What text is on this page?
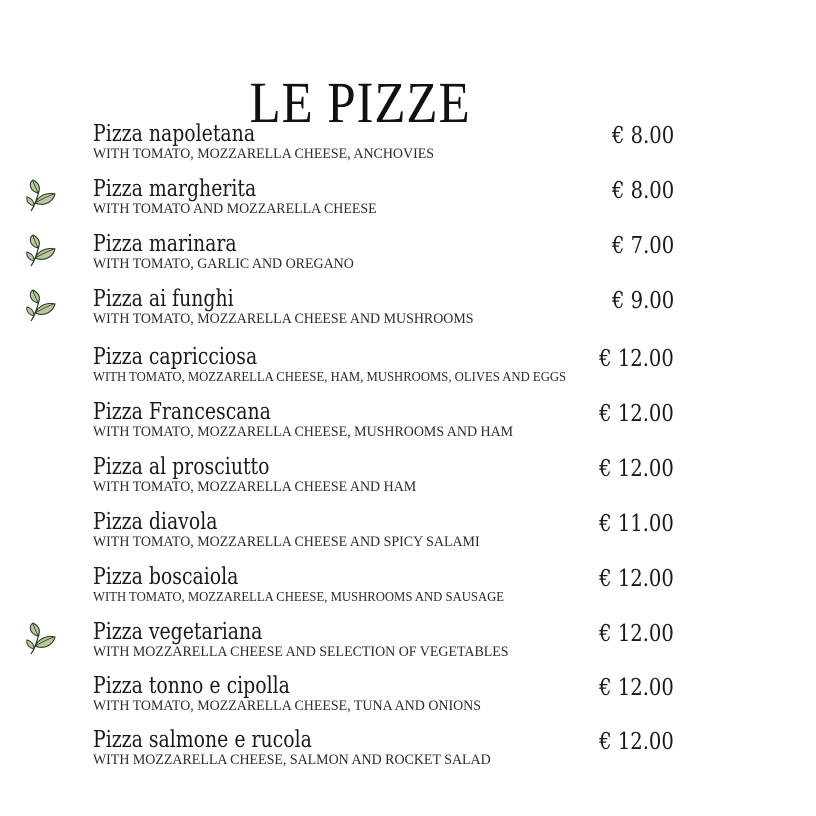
LE PIZZE
Pizza napoletana
WITH TOMATO, MOZZARELLA CHEESE, ANCHOVIES
€ 8.00
Pizza margherita
WITH TOMATO AND MOZZARELLA CHEESE
€ 8.00
Pizza marinara
WITH TOMATO, GARLIC AND OREGANO
€ 7.00
Pizza ai funghi
WITH TOMATO, MOZZARELLA CHEESE AND MUSHROOMS
€ 9.00
Pizza capricciosa
WITH TOMATO, MOZZARELLA CHEESE, HAM, MUSHROOMS, OLIVES AND EGGS
€ 12.00
Pizza Francescana
WITH TOMATO, MOZZARELLA CHEESE, MUSHROOMS AND HAM
€ 12.00
Pizza al prosciutto
WITH TOMATO, MOZZARELLA CHEESE AND HAM
€ 12.00
Pizza diavola
WITH TOMATO, MOZZARELLA CHEESE AND SPICY SALAMI
€ 11.00
Pizza boscaiola
WITH TOMATO, MOZZARELLA CHEESE, MUSHROOMS AND SAUSAGE
€ 12.00
Pizza vegetariana
WITH MOZZARELLA CHEESE AND SELECTION OF VEGETABLES
€ 12.00
Pizza tonno e cipolla
WITH TOMATO, MOZZARELLA CHEESE, TUNA AND ONIONS
€ 12.00
Pizza salmone e rucola
WITH MOZZARELLA CHEESE, SALMON AND ROCKET SALAD
€ 12.00
